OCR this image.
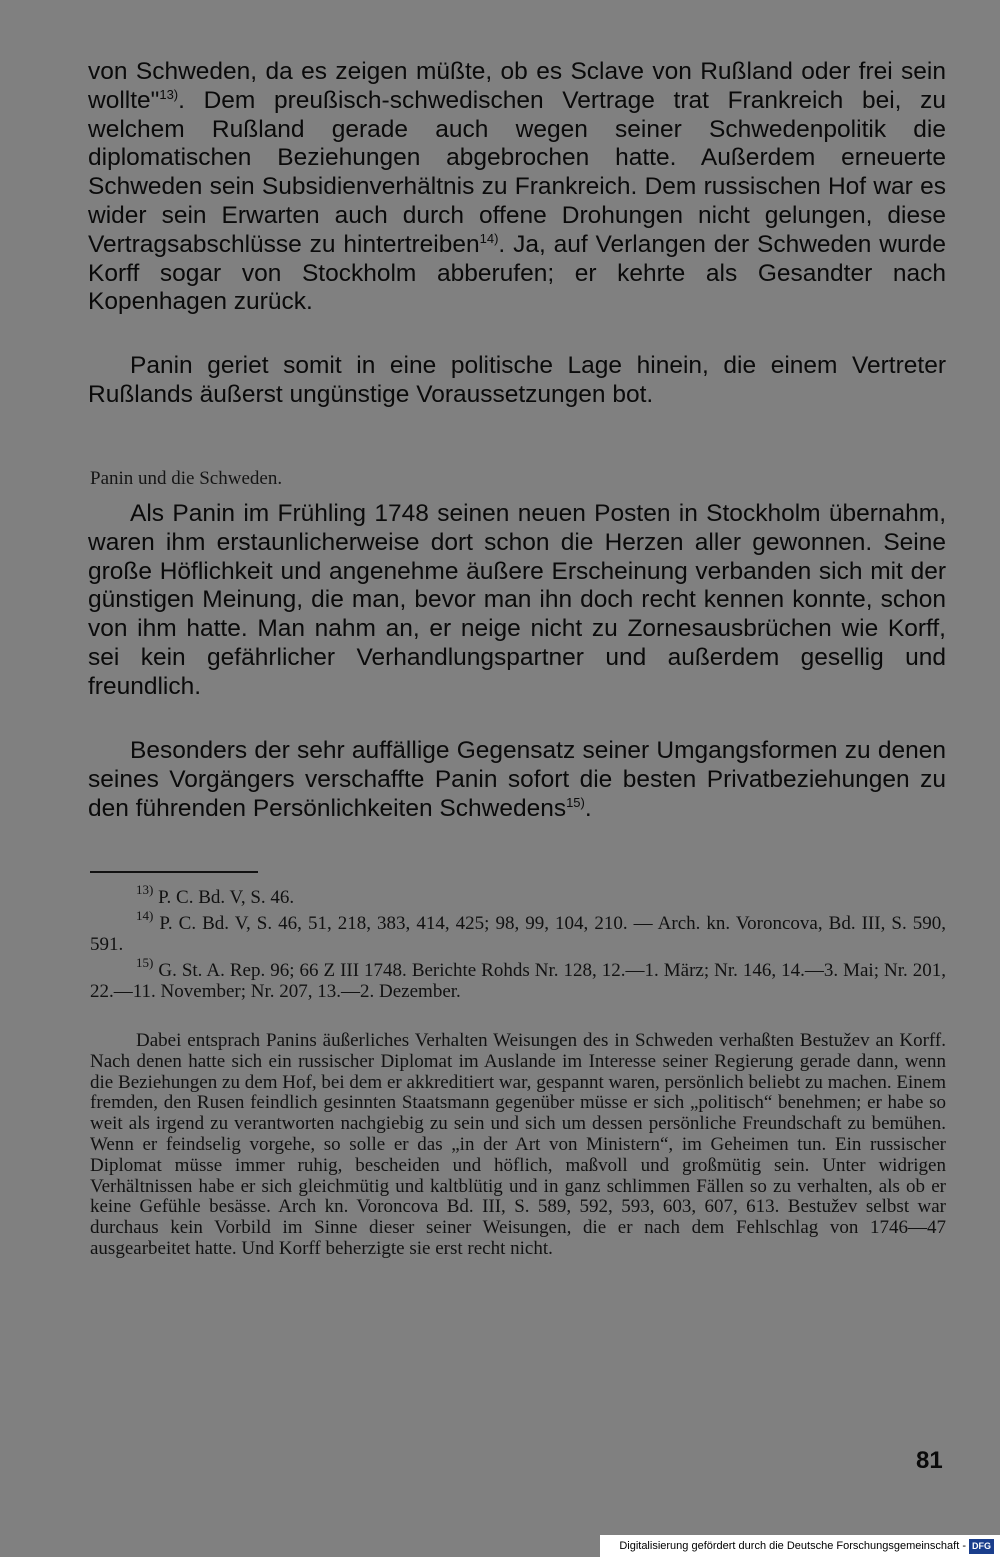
von Schweden, da es zeigen müßte, ob es Sclave von Rußland oder frei sein wollte"$^{13)}$. Dem preußisch-schwedischen Vertrage trat Frankreich bei, zu welchem Rußland gerade auch wegen seiner Schwedenpolitik die diplomatischen Beziehungen abgebrochen hatte. Außerdem erneuerte Schweden sein Subsidienverhältnis zu Frankreich. Dem russischen Hof war es wider sein Erwarten auch durch offene Drohungen nicht gelungen, diese Vertragsabschlüsse zu hintertreiben$^{14)}$. Ja, auf Verlangen der Schweden wurde Korff sogar von Stockholm abberufen; er kehrte als Gesandter nach Kopenhagen zurück.

Panin geriet somit in eine politische Lage hinein, die einem Vertreter Rußlands äußerst ungünstige Voraussetzungen bot.

Panin und die Schweden.

Als Panin im Frühling 1748 seinen neuen Posten in Stockholm übernahm, waren ihm erstaunlicherweise dort schon die Herzen aller gewonnen. Seine große Höflichkeit und angenehme äußere Erscheinung verbanden sich mit der günstigen Meinung, die man, bevor man ihn doch recht kennen konnte, schon von ihm hatte. Man nahm an, er neige nicht zu Zornesausbrüchen wie Korff, sei kein gefährlicher Verhandlungspartner und außerdem gesellig und freundlich.

Besonders der sehr auffällige Gegensatz seiner Umgangsformen zu denen seines Vorgängers verschaffte Panin sofort die besten Privatbeziehungen zu den führenden Persönlichkeiten Schwedens$^{15)}$.

$^{13)}$ P. C. Bd. V, S. 46.

$^{14)}$ P. C. Bd. V, S. 46, 51, 218, 383, 414, 425; 98, 99, 104, 210. — Arch. kn. Voroncova, Bd. III, S. 590, 591.

$^{15)}$ G. St. A. Rep. 96; 66 Z III 1748. Berichte Rohds Nr. 128, 12.—1. März; Nr. 146, 14.—3. Mai; Nr. 201, 22.—11. November; Nr. 207, 13.—2. Dezember.

Dabei entsprach Panins äußerliches Verhalten Weisungen des in Schweden verhaßten Bestužev an Korff. Nach denen hatte sich ein russischer Diplomat im Auslande im Interesse seiner Regierung gerade dann, wenn die Beziehungen zu dem Hof, bei dem er akkreditiert war, gespannt waren, persönlich beliebt zu machen. Einem fremden, den Rusen feindlich gesinnten Staatsmann gegenüber müsse er sich „politisch“ benehmen; er habe so weit als irgend zu verantworten nachgiebig zu sein und sich um dessen persönliche Freundschaft zu bemühen. Wenn er feindselig vorgehe, so solle er das „in der Art von Ministern“, im Geheimen tun. Ein russischer Diplomat müsse immer ruhig, bescheiden und höflich, maßvoll und großmütig sein. Unter widrigen Verhältnissen habe er sich gleichmütig und kaltblütig und in ganz schlimmen Fällen so zu verhalten, als ob er keine Gefühle besässe. Arch kn. Voroncova Bd. III, S. 589, 592, 593, 603, 607, 613. Bestužev selbst war durchaus kein Vorbild im Sinne dieser seiner Weisungen, die er nach dem Fehlschlag von 1746—47 ausgearbeitet hatte. Und Korff beherzigte sie erst recht nicht.

81

Digitalisierung gefördert durch die Deutsche Forschungsgemeinschaft - DFG
